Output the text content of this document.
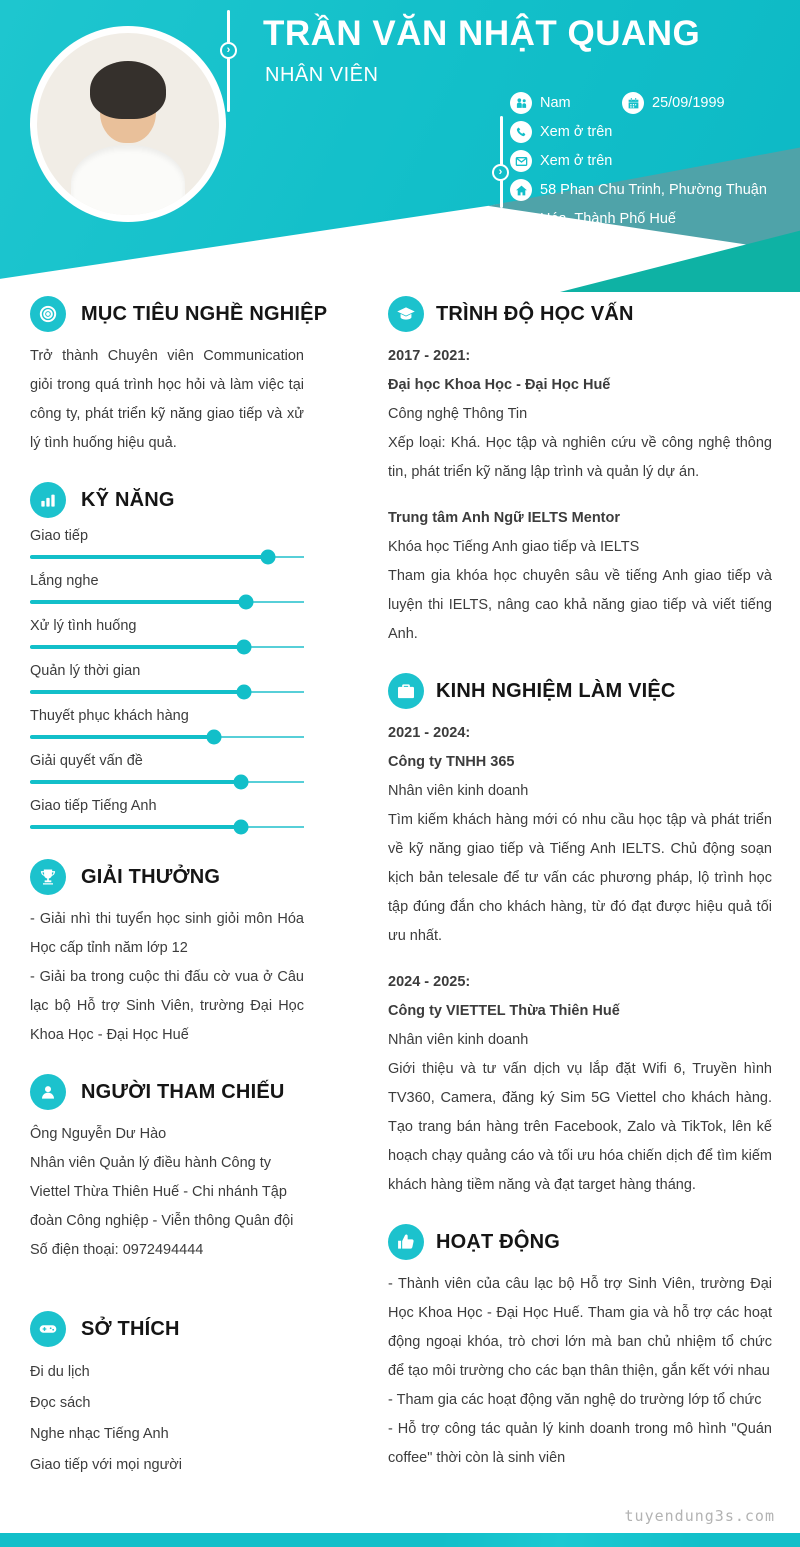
› TRẦN VĂN NHẬT QUANG
NHÂN VIÊN
›
Nam	25/09/1999
Xem ở trên
Xem ở trên
58 Phan Chu Trinh, Phường Thuận Hóa, Thành Phố Huế
MỤC TIÊU NGHỀ NGHIỆP

Trở thành Chuyên viên Communication giỏi trong quá trình học hỏi và làm việc tại công ty, phát triển kỹ năng giao tiếp và xử lý tình huống hiệu quả.

KỸ NĂNG
Giao tiếp
Lắng nghe
Xử lý tình huống
Quản lý thời gian
Thuyết phục khách hàng
Giải quyết vấn đề
Giao tiếp Tiếng Anh
GIẢI THƯỞNG

- Giải nhì thi tuyển học sinh giỏi môn Hóa Học cấp tỉnh năm lớp 12

- Giải ba trong cuộc thi đấu cờ vua ở Câu lạc bộ Hỗ trợ Sinh Viên, trường Đại Học Khoa Học - Đại Học Huế

NGƯỜI THAM CHIẾU

Ông Nguyễn Dư Hào

Nhân viên Quản lý điều hành Công ty Viettel Thừa Thiên Huế - Chi nhánh Tập đoàn Công nghiệp - Viễn thông Quân đội

Số điện thoại: 0972494444

SỞ THÍCH

Đi du lịch

Đọc sách

Nghe nhạc Tiếng Anh

Giao tiếp với mọi người

TRÌNH ĐỘ HỌC VẤN

2017 - 2021:

Đại học Khoa Học - Đại Học Huế

Công nghệ Thông Tin

Xếp loại: Khá. Học tập và nghiên cứu về công nghệ thông tin, phát triển kỹ năng lập trình và quản lý dự án.

Trung tâm Anh Ngữ IELTS Mentor

Khóa học Tiếng Anh giao tiếp và IELTS

Tham gia khóa học chuyên sâu về tiếng Anh giao tiếp và luyện thi IELTS, nâng cao khả năng giao tiếp và viết tiếng Anh.

KINH NGHIỆM LÀM VIỆC

2021 - 2024:

Công ty TNHH 365

Nhân viên kinh doanh

Tìm kiếm khách hàng mới có nhu cầu học tập và phát triển về kỹ năng giao tiếp và Tiếng Anh IELTS. Chủ động soạn kịch bản telesale để tư vấn các phương pháp, lộ trình học tập đúng đắn cho khách hàng, từ đó đạt được hiệu quả tối ưu nhất.

2024 - 2025:

Công ty VIETTEL Thừa Thiên Huế

Nhân viên kinh doanh

Giới thiệu và tư vấn dịch vụ lắp đặt Wifi 6, Truyền hình TV360, Camera, đăng ký Sim 5G Viettel cho khách hàng. Tạo trang bán hàng trên Facebook, Zalo và TikTok, lên kế hoạch chạy quảng cáo và tối ưu hóa chiến dịch để tìm kiếm khách hàng tiềm năng và đạt target hàng tháng.

HOẠT ĐỘNG

- Thành viên của câu lạc bộ Hỗ trợ Sinh Viên, trường Đại Học Khoa Học - Đại Học Huế. Tham gia và hỗ trợ các hoạt động ngoại khóa, trò chơi lớn mà ban chủ nhiệm tổ chức để tạo môi trường cho các bạn thân thiện, gắn kết với nhau

- Tham gia các hoạt động văn nghệ do trường lớp tổ chức

- Hỗ trợ công tác quản lý kinh doanh trong mô hình "Quán coffee" thời còn là sinh viên

tuyendung3s.com
